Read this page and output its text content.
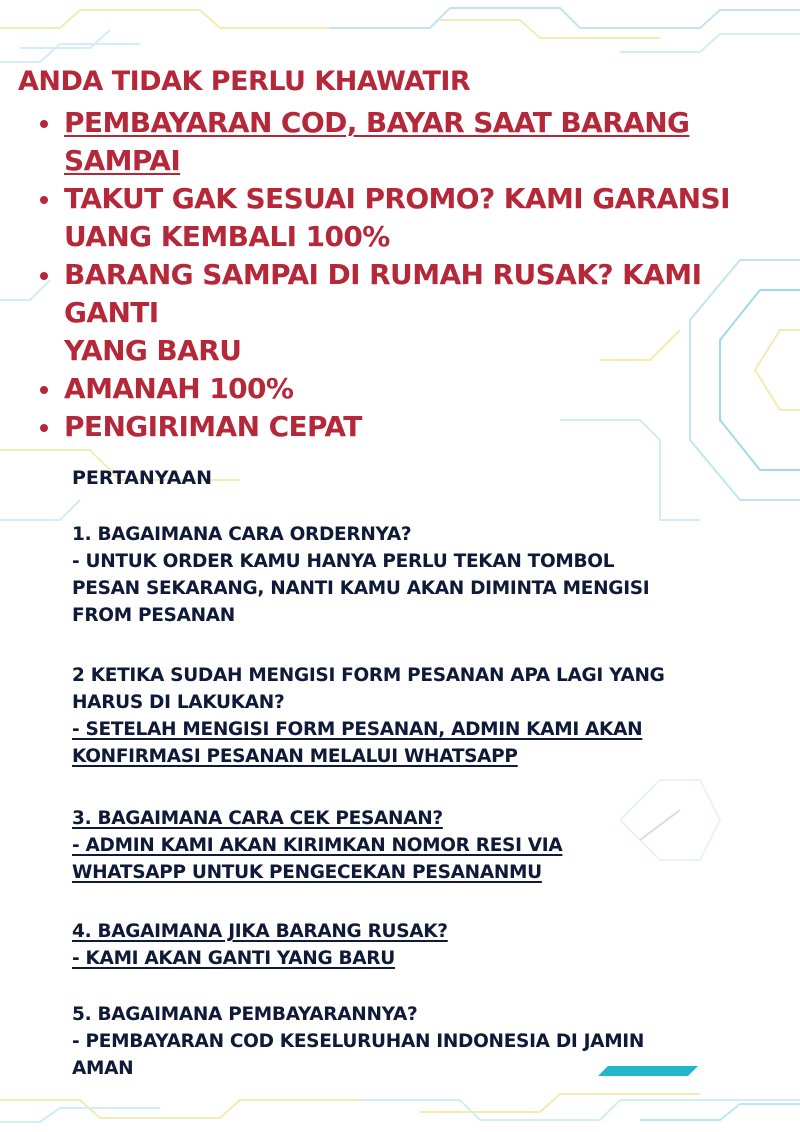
ANDA TIDAK PERLU KHAWATIR
PEMBAYARAN COD, BAYAR SAAT BARANG
SAMPAI
TAKUT GAK SESUAI PROMO? KAMI GARANSI
UANG KEMBALI 100%
BARANG SAMPAI DI RUMAH RUSAK? KAMI GANTI
YANG BARU
AMANAH 100%
PENGIRIMAN CEPAT
PERTANYAAN
1. BAGAIMANA CARA ORDERNYA?
- UNTUK ORDER KAMU HANYA PERLU TEKAN TOMBOL
PESAN SEKARANG, NANTI KAMU AKAN DIMINTA MENGISI
FROM PESANAN
2 KETIKA SUDAH MENGISI FORM PESANAN APA LAGI YANG
HARUS DI LAKUKAN?
- SETELAH MENGISI FORM PESANAN, ADMIN KAMI AKAN
KONFIRMASI PESANAN MELALUI WHATSAPP
3. BAGAIMANA CARA CEK PESANAN?
- ADMIN KAMI AKAN KIRIMKAN NOMOR RESI VIA
WHATSAPP UNTUK PENGECEKAN PESANANMU
4. BAGAIMANA JIKA BARANG RUSAK?
- KAMI AKAN GANTI YANG BARU
5. BAGAIMANA PEMBAYARANNYA?
- PEMBAYARAN COD KESELURUHAN INDONESIA DI JAMIN
AMAN
